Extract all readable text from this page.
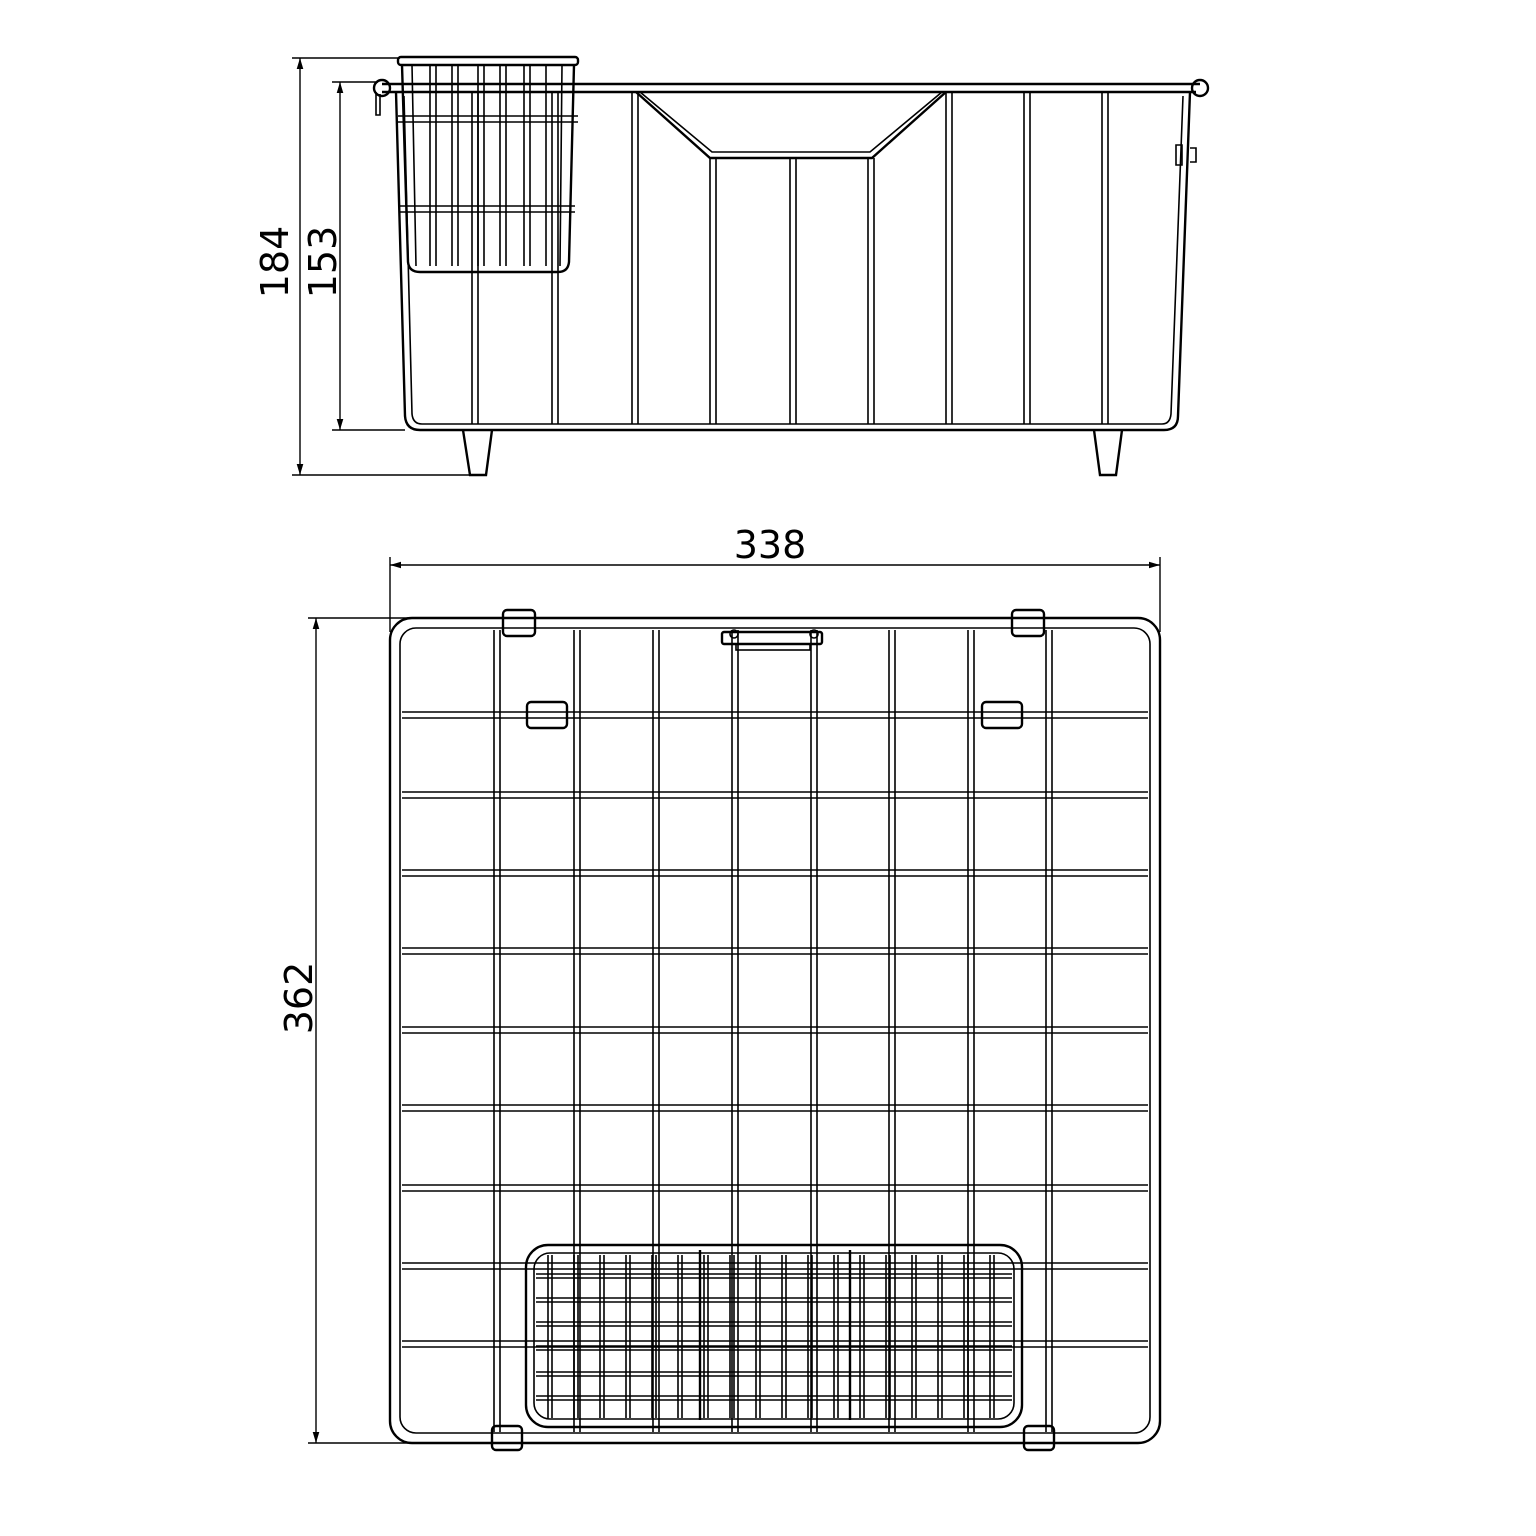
184 153
338
362
